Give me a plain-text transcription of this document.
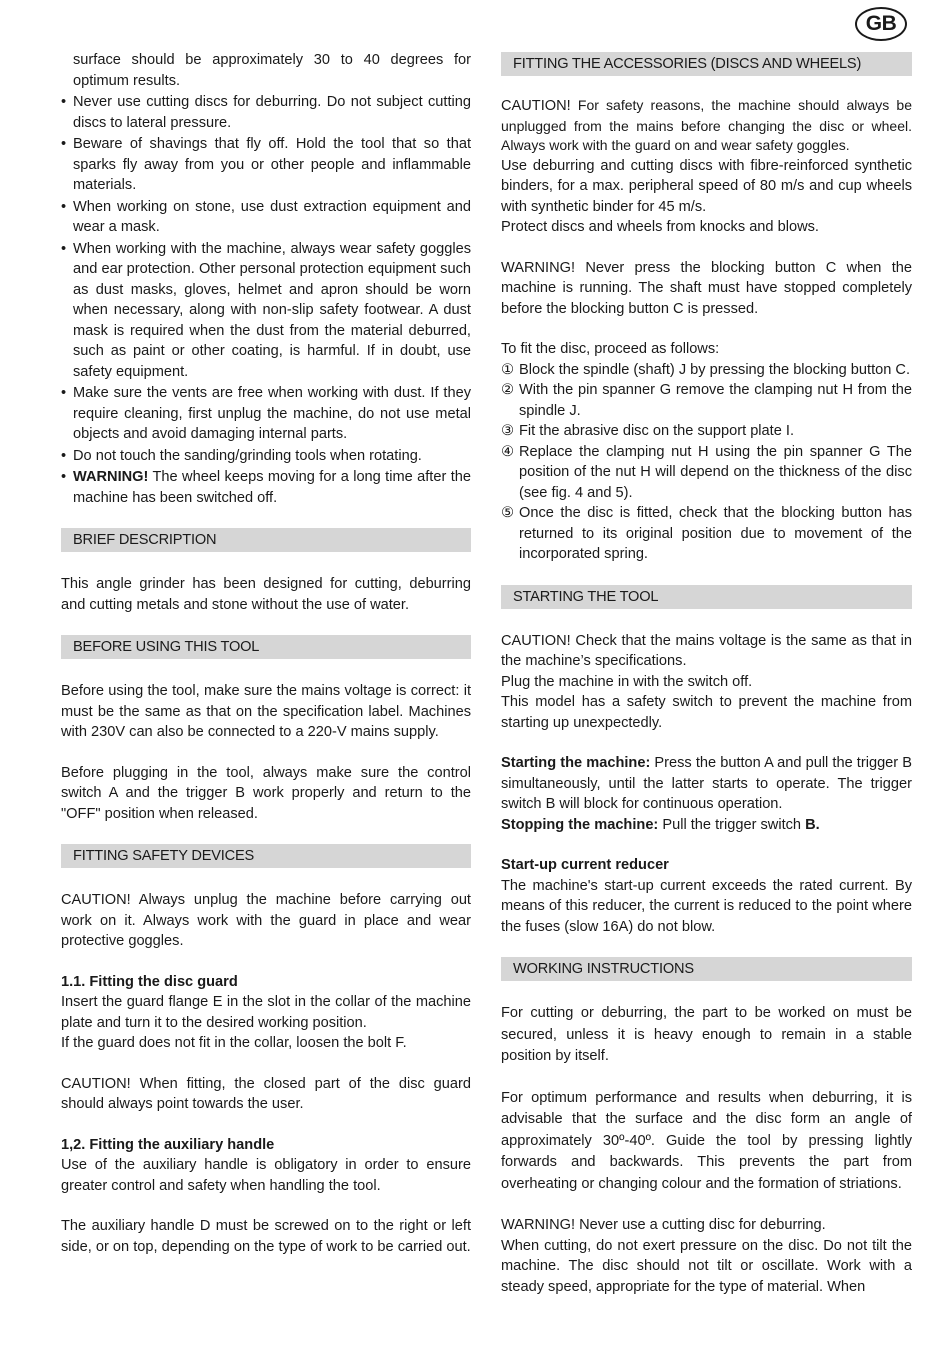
GB
surface should be approximately 30 to 40 degrees for optimum results.
• Never use cutting discs for deburring. Do not subject cutting discs to lateral pressure.
• Beware of shavings that fly off. Hold the tool that so that sparks fly away from you or other people and inflammable materials.
• When working on stone, use dust extraction equipment and wear a mask.
• When working with the machine, always wear safety goggles and ear protection. Other personal protection equipment such as dust masks, gloves, helmet and apron should be worn when necessary, along with non-slip safety footwear. A dust mask is required when the dust from the material deburred, such as paint or other coating, is harmful. If in doubt, use safety equipment.
• Make sure the vents are free when working with dust. If they require cleaning, first unplug the machine, do not use metal objects and avoid damaging internal parts.
• Do not touch the sanding/grinding tools when rotating.
• WARNING! The wheel keeps moving for a long time after the machine has been switched off.
BRIEF DESCRIPTION

This angle grinder has been designed for cutting, deburring and cutting metals and stone without the use of water.

BEFORE USING THIS TOOL

Before using the tool, make sure the mains voltage is correct: it must be the same as that on the specification label. Machines with 230V can also be connected to a 220-V mains supply.

Before plugging in the tool, always make sure the control switch A and the trigger B work properly and return to the "OFF" position when released.

FITTING SAFETY DEVICES

CAUTION! Always unplug the machine before carrying out work on it. Always work with the guard in place and wear protective goggles.

1.1. Fitting the disc guard

Insert the guard flange E in the slot in the collar of the machine plate and turn it to the desired working position.

If the guard does not fit in the collar, loosen the bolt F.

CAUTION! When fitting, the closed part of the disc guard should always point towards the user.

1,2. Fitting the auxiliary handle

Use of the auxiliary handle is obligatory in order to ensure greater control and safety when handling the tool.

The auxiliary handle D must be screwed on to the right or left side, or on top, depending on the type of work to be carried out.

FITTING THE ACCESSORIES (DISCS AND WHEELS)

CAUTION! For safety reasons, the machine should always be unplugged from the mains before changing the disc or wheel. Always work with the guard on and wear safety goggles.

Use deburring and cutting discs with fibre-reinforced synthetic binders, for a max. peripheral speed of 80 m/s and cup wheels with synthetic binder for 45 m/s.

Protect discs and wheels from knocks and blows.

WARNING! Never press the blocking button C when the machine is running. The shaft must have stopped completely before the blocking button C is pressed.

To fit the disc, proceed as follows:

① Block the spindle (shaft) J by pressing the blocking button C.
② With the pin spanner G remove the clamping nut H from the spindle J.
③ Fit the abrasive disc on the support plate I.
④ Replace the clamping nut H using the pin spanner G The position of the nut H will depend on the thickness of the disc (see fig. 4 and 5).
⑤ Once the disc is fitted, check that the blocking button has returned to its original position due to movement of the incorporated spring.
STARTING THE TOOL

CAUTION! Check that the mains voltage is the same as that in the machine’s specifications.

Plug the machine in with the switch off.

This model has a safety switch to prevent the machine from starting up unexpectedly.

Starting the machine: Press the button A and pull the trigger B simultaneously, until the latter starts to operate. The trigger switch B will block for continuous operation.

Stopping the machine: Pull the trigger switch B.

Start-up current reducer

The machine's start-up current exceeds the rated current. By means of this reducer, the current is reduced to the point where the fuses (slow 16A) do not blow.

WORKING INSTRUCTIONS

For cutting or deburring, the part to be worked on must be secured, unless it is heavy enough to remain in a stable position by itself.

For optimum performance and results when deburring, it is advisable that the surface and the disc form an angle of approximately 30º-40º. Guide the tool by pressing lightly forwards and backwards. This prevents the part from overheating or changing colour and the formation of striations.

WARNING! Never use a cutting disc for deburring.

When cutting, do not exert pressure on the disc. Do not tilt the machine. The disc should not tilt or oscillate. Work with a steady speed, appropriate for the type of material. When
